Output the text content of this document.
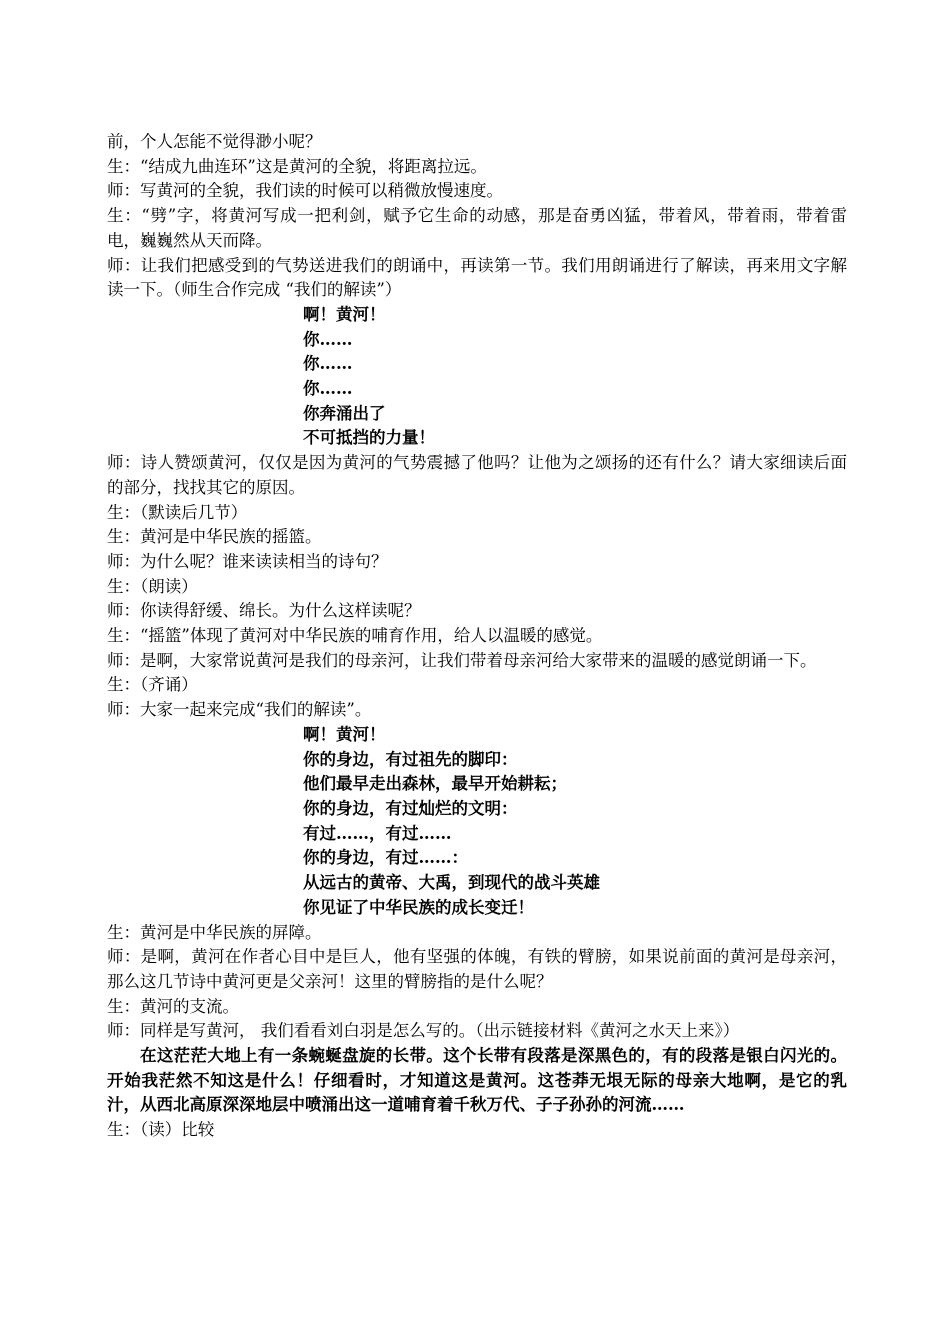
前，个人怎能不觉得渺小呢？

生：“结成九曲连环”这是黄河的全貌，将距离拉远。

师：写黄河的全貌，我们读的时候可以稍微放慢速度。

生：“劈”字，将黄河写成一把利剑，赋予它生命的动感，那是奋勇凶猛，带着风，带着雨，带着雷电，巍巍然从天而降。

师：让我们把感受到的气势送进我们的朗诵中，再读第一节。我们用朗诵进行了解读，再来用文字解读一下。（师生合作完成 “我们的解读”）

啊！黄河！

你……

你……

你……

你奔涌出了

不可抵挡的力量！

师：诗人赞颂黄河，仅仅是因为黄河的气势震撼了他吗？让他为之颂扬的还有什么？请大家细读后面的部分，找找其它的原因。

生：（默读后几节）

生：黄河是中华民族的摇篮。

师：为什么呢？谁来读读相当的诗句？

生：（朗读）

师：你读得舒缓、绵长。为什么这样读呢？

生：“摇篮”体现了黄河对中华民族的哺育作用，给人以温暖的感觉。

师：是啊，大家常说黄河是我们的母亲河，让我们带着母亲河给大家带来的温暖的感觉朗诵一下。

生：（齐诵）

师：大家一起来完成“我们的解读”。

啊！黄河！

你的身边，有过祖先的脚印：

他们最早走出森林，最早开始耕耘；

你的身边，有过灿烂的文明：

有过……，有过……

你的身边，有过……：

从远古的黄帝、大禹，到现代的战斗英雄

你见证了中华民族的成长变迁！

生：黄河是中华民族的屏障。

师：是啊，黄河在作者心目中是巨人，他有坚强的体魄，有铁的臂膀，如果说前面的黄河是母亲河，那么这几节诗中黄河更是父亲河！这里的臂膀指的是什么呢？

生：黄河的支流。

师：同样是写黄河， 我们看看刘白羽是怎么写的。（出示链接材料《黄河之水天上来》）

在这茫茫大地上有一条蜿蜒盘旋的长带。这个长带有段落是深黑色的，有的段落是银白闪光的。开始我茫然不知这是什么！仔细看时，才知道这是黄河。这苍莽无垠无际的母亲大地啊，是它的乳汁，从西北高原深深地层中喷涌出这一道哺育着千秋万代、子子孙孙的河流……

生：（读）比较
